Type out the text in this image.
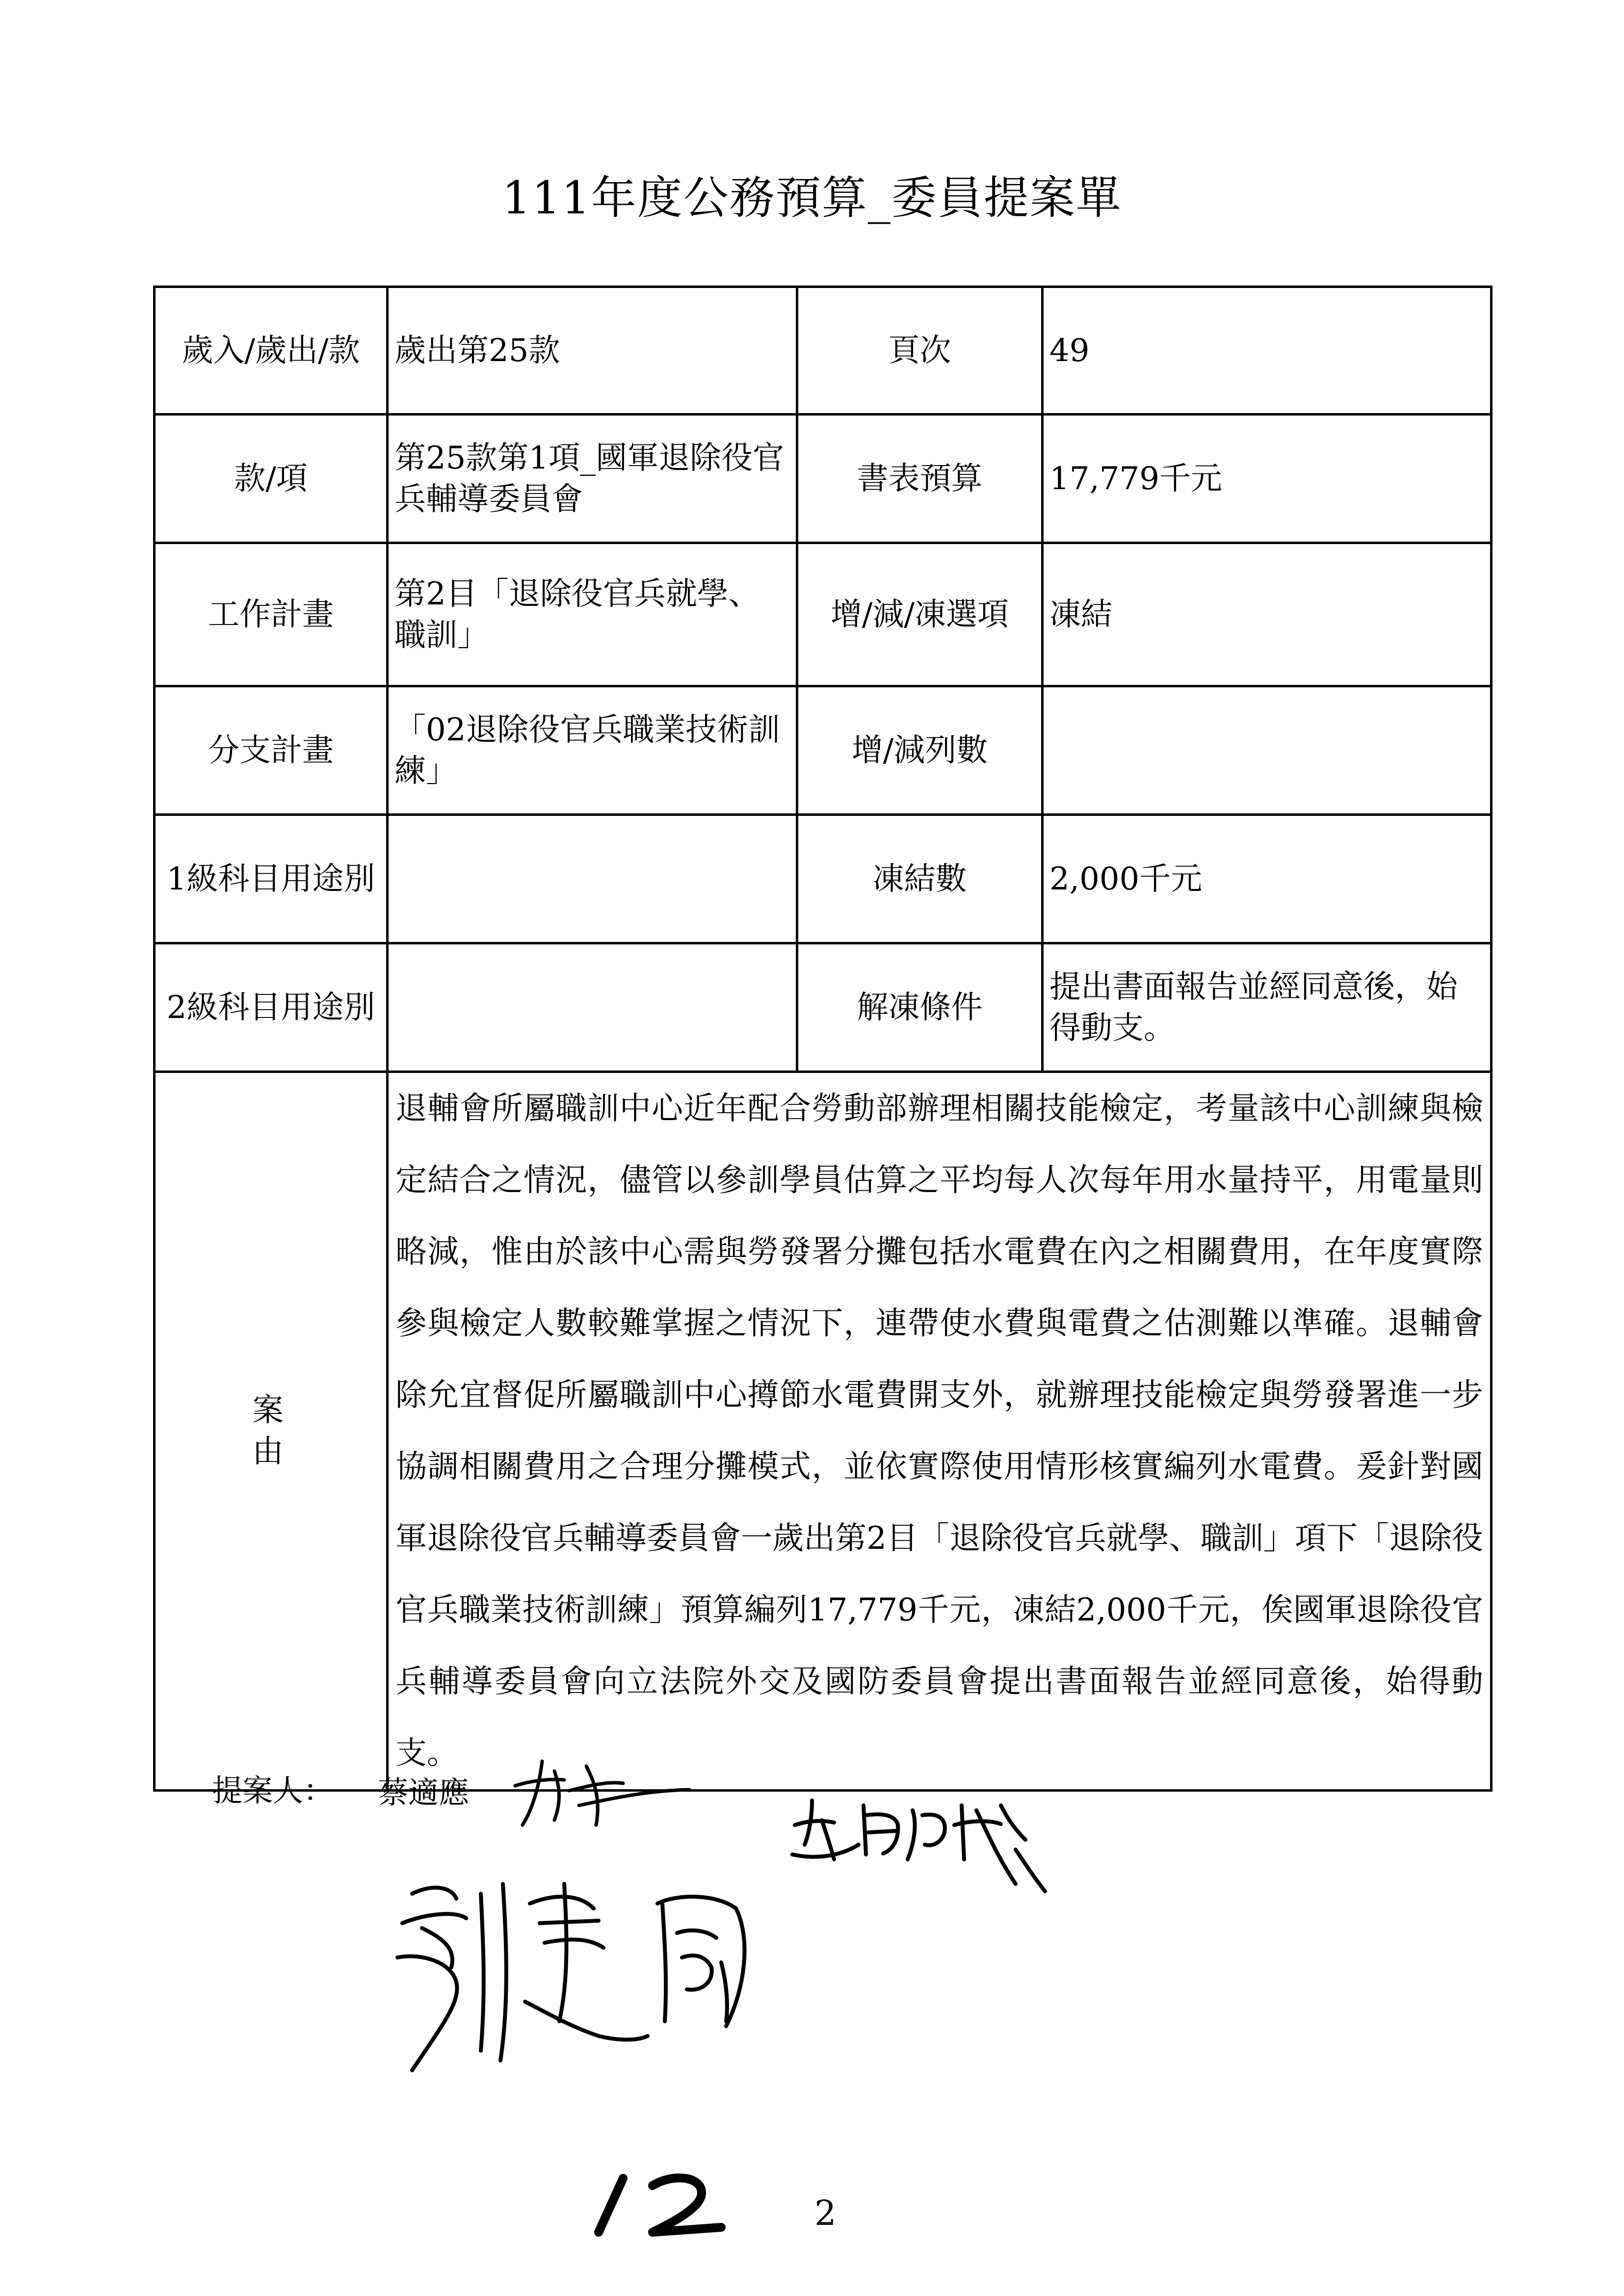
111年度公務預算_委員提案單
歲入/歲出/款	歲出第25款	頁次	49
款/項	第25款第1項_國軍退除役官兵輔導委員會	書表預算	17,779千元
工作計畫	第2目「退除役官兵就學、職訓」	增/減/凍選項	凍結
分支計畫	「02退除役官兵職業技術訓練」	增/減列數	
1級科目用途別		凍結數	2,000千元
2級科目用途別		解凍條件	提出書面報告並經同意後，始得動支。
案由	退輔會所屬職訓中心近年配合勞動部辦理相關技能檢定，考量該中心訓練與檢定結合之情況，儘管以參訓學員估算之平均每人次每年用水量持平，用電量則略減，惟由於該中心需與勞發署分攤包括水電費在內之相關費用，在年度實際參與檢定人數較難掌握之情況下，連帶使水費與電費之估測難以準確。退輔會除允宜督促所屬職訓中心撙節水電費開支外，就辦理技能檢定與勞發署進一步協調相關費用之合理分攤模式，並依實際使用情形核實編列水電費。爰針對國軍退除役官兵輔導委員會一歲出第2目「退除役官兵就學、職訓」項下「退除役官兵職業技術訓練」預算編列17,779千元，凍結2,000千元，俟國軍退除役官兵輔導委員會向立法院外交及國防委員會提出書面報告並經同意後，始得動支。		
提案人： 蔡適應
2
